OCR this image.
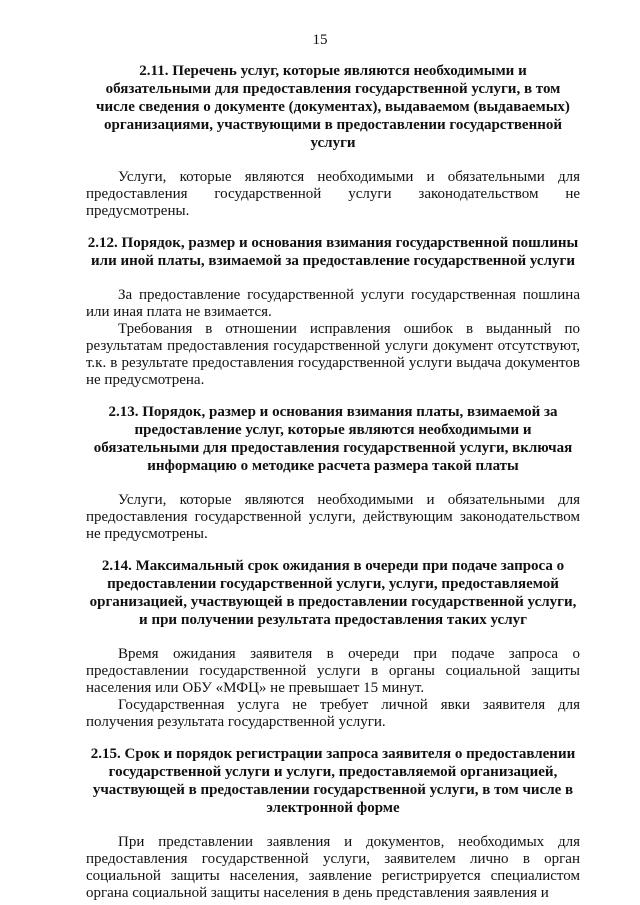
15
2.11. Перечень услуг, которые являются необходимыми и обязательными для предоставления государственной услуги, в том числе сведения о документе (документах), выдаваемом (выдаваемых) организациями, участвующими в предоставлении государственной услуги

Услуги, которые являются необходимыми и обязательными для предоставления государственной услуги законодательством не предусмотрены.

2.12. Порядок, размер и основания взимания государственной пошлины или иной платы, взимаемой за предоставление государственной услуги

За предоставление государственной услуги государственная пошлина или иная плата не взимается.

Требования в отношении исправления ошибок в выданный по результатам предоставления государственной услуги документ отсутствуют, т.к. в результате предоставления государственной услуги выдача документов не предусмотрена.

2.13. Порядок, размер и основания взимания платы, взимаемой за предоставление услуг, которые являются необходимыми и обязательными для предоставления государственной услуги, включая информацию о методике расчета размера такой платы

Услуги, которые являются необходимыми и обязательными для предоставления государственной услуги, действующим законодательством не предусмотрены.

2.14. Максимальный срок ожидания в очереди при подаче запроса о предоставлении государственной услуги, услуги, предоставляемой организацией, участвующей в предоставлении государственной услуги, и при получении результата предоставления таких услуг

Время ожидания заявителя в очереди при подаче запроса о предоставлении государственной услуги в органы социальной защиты населения или ОБУ «МФЦ» не превышает 15 минут.

Государственная услуга не требует личной явки заявителя для получения результата государственной услуги.

2.15. Срок и порядок регистрации запроса заявителя о предоставлении государственной услуги и услуги, предоставляемой организацией, участвующей в предоставлении государственной услуги, в том числе в электронной форме

При представлении заявления и документов, необходимых для предоставления государственной услуги, заявителем лично в орган социальной защиты населения, заявление регистрируется специалистом органа социальной защиты населения в день представления заявления и
